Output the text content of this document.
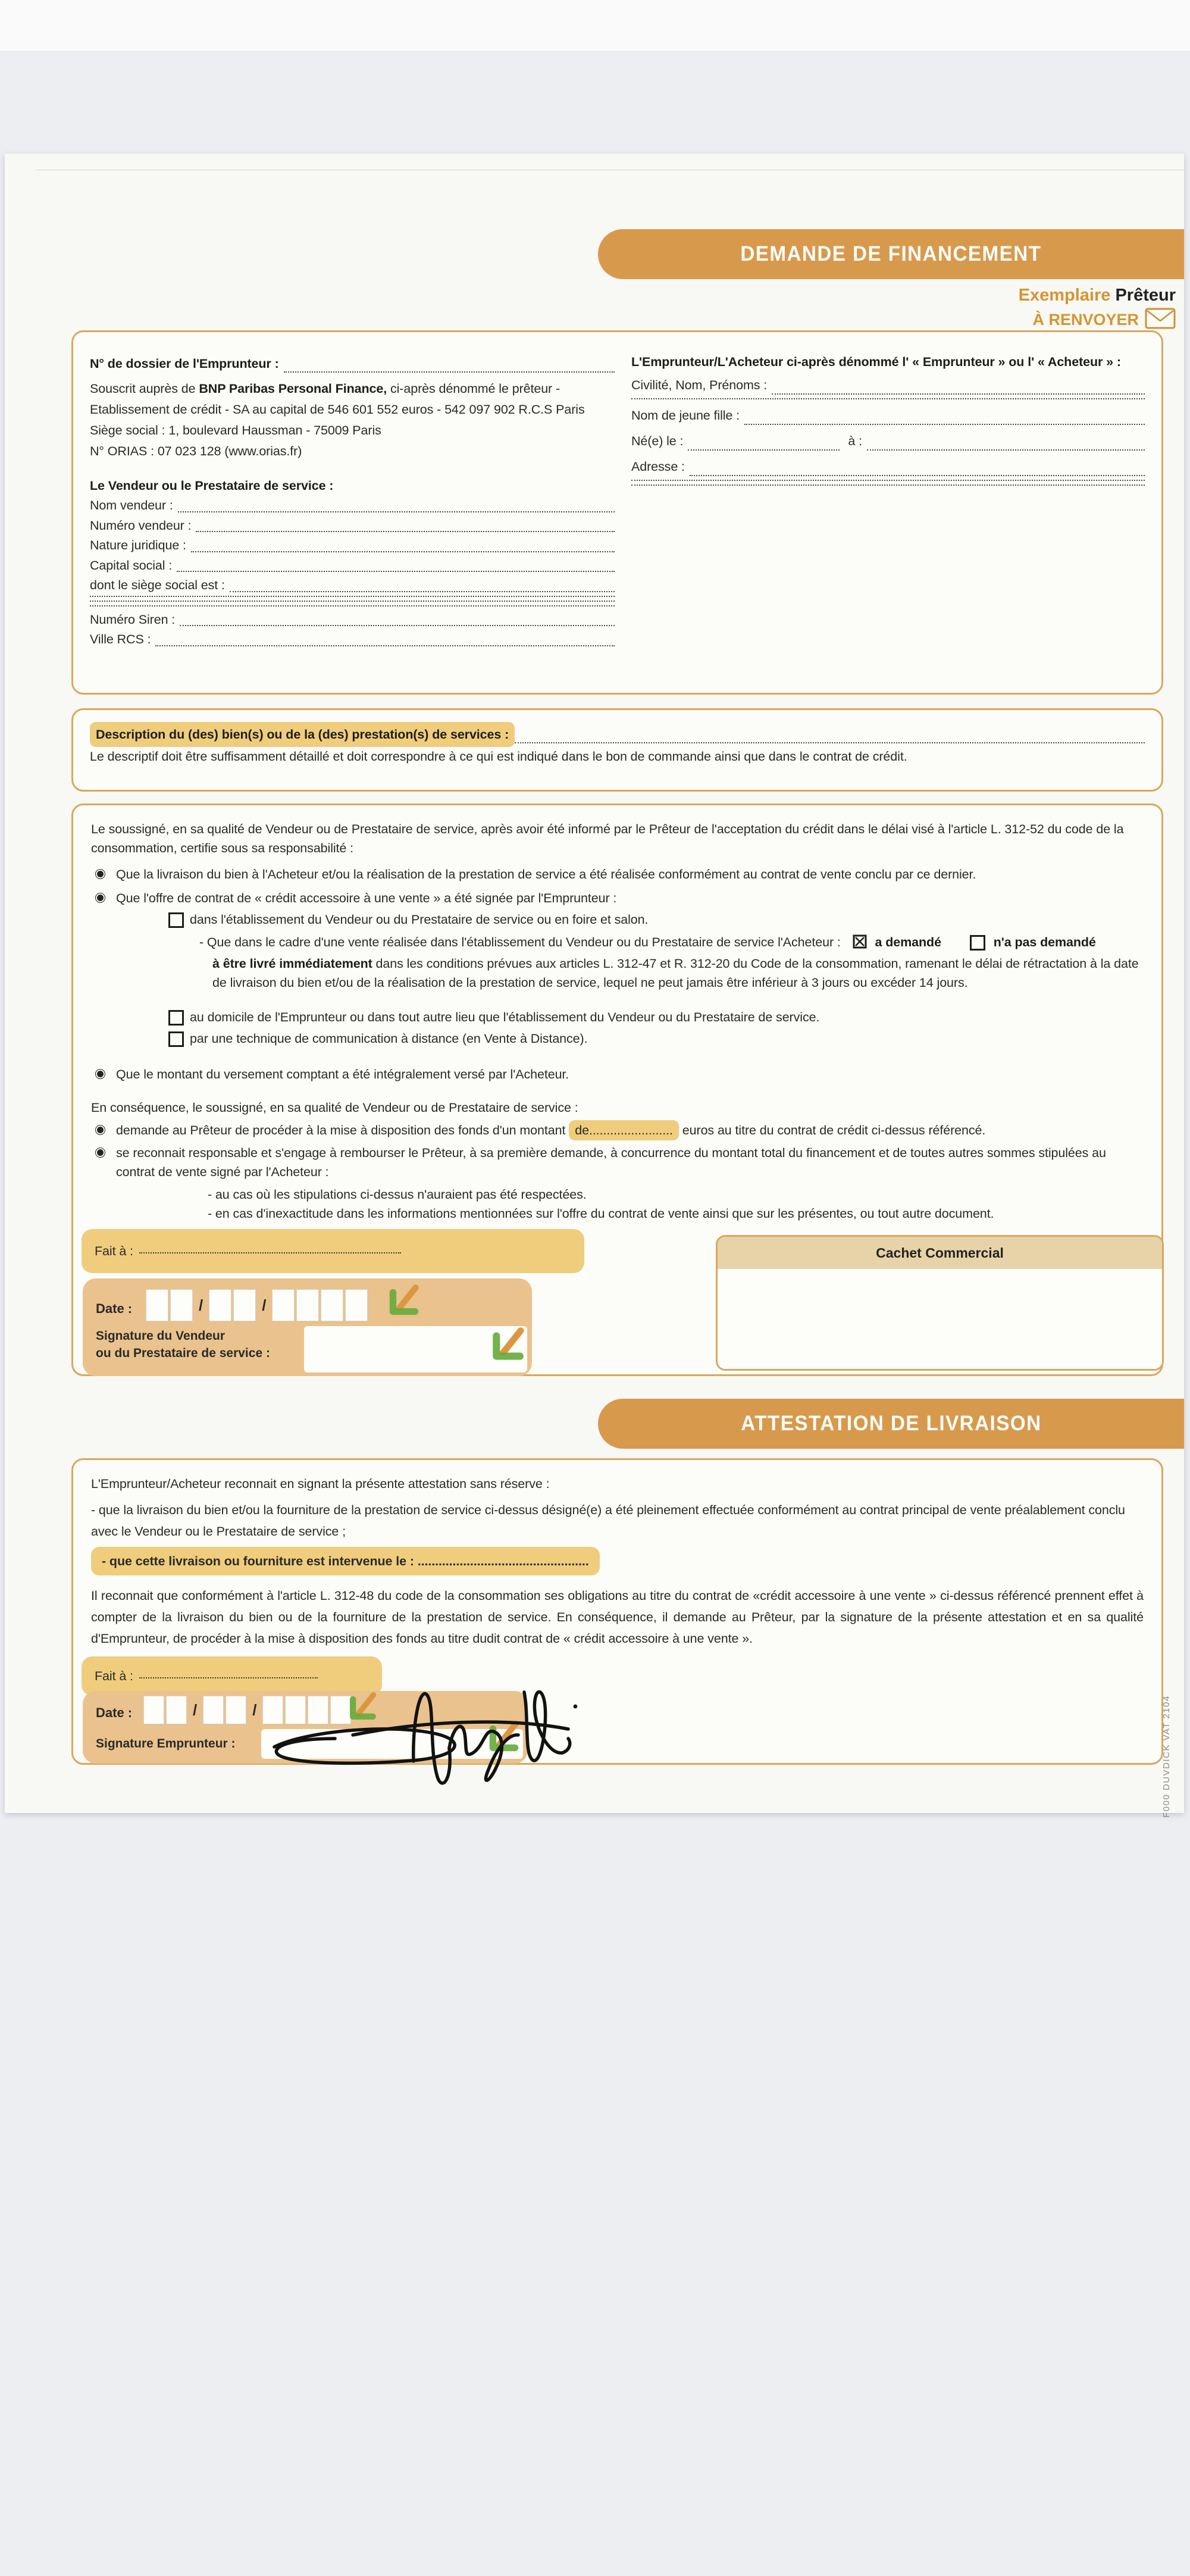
DEMANDE DE FINANCEMENT
Exemplaire Prêteur
À RENVOYER
N° de dossier de l'Emprunteur :

Souscrit auprès de BNP Paribas Personal Finance, ci-après dénommé le prêteur -

Etablissement de crédit - SA au capital de 546 601 552 euros - 542 097 902 R.C.S Paris

Siège social : 1, boulevard Haussman - 75009 Paris

N° ORIAS : 07 023 128 (www.orias.fr)

Le Vendeur ou le Prestataire de service :

Nom vendeur :
Numéro vendeur :
Nature juridique :
Capital social :
dont le siège social est :
Numéro Siren :
Ville RCS :

L'Emprunteur/L'Acheteur ci-après dénommé l' « Emprunteur » ou l' « Acheteur » :

Civilité, Nom, Prénoms :
Nom de jeune fille :
Né(e) le :	à :
Adresse :
Description du (des) bien(s) ou de la (des) prestation(s) de services :

Le descriptif doit être suffisamment détaillé et doit correspondre à ce qui est indiqué dans le bon de commande ainsi que dans le contrat de crédit.

Le soussigné, en sa qualité de Vendeur ou de Prestataire de service, après avoir été informé par le Prêteur de l'acceptation du crédit dans le délai visé à l'article L. 312-52 du code de la consommation, certifie sous sa responsabilité :

Que la livraison du bien à l'Acheteur et/ou la réalisation de la prestation de service a été réalisée conformément au contrat de vente conclu par ce dernier.

Que l'offre de contrat de « crédit accessoire à une vente » a été signée par l'Emprunteur :

dans l'établissement du Vendeur ou du Prestataire de service ou en foire et salon.

- Que dans le cadre d'une vente réalisée dans l'établissement du Vendeur ou du Prestataire de service l'Acheteur :	a demandé	n'a pas demandé

à être livré immédiatement dans les conditions prévues aux articles L. 312-47 et R. 312-20 du Code de la consommation, ramenant le délai de rétractation à la date de livraison du bien et/ou de la réalisation de la prestation de service, lequel ne peut jamais être inférieur à 3 jours ou excéder 14 jours.

au domicile de l'Emprunteur ou dans tout autre lieu que l'établissement du Vendeur ou du Prestataire de service.
par une technique de communication à distance (en Vente à Distance).

Que le montant du versement comptant a été intégralement versé par l'Acheteur.

En conséquence, le soussigné, en sa qualité de Vendeur ou de Prestataire de service :

demande au Prêteur de procéder à la mise à disposition des fonds d'un montant de........................ euros au titre du contrat de crédit ci-dessus référencé.

se reconnait responsable et s'engage à rembourser le Prêteur, à sa première demande, à concurrence du montant total du financement et de toutes autres sommes stipulées au contrat de vente signé par l'Acheteur :

- au cas où les stipulations ci-dessus n'auraient pas été respectées.

- en cas d'inexactitude dans les informations mentionnées sur l'offre du contrat de vente ainsi que sur les présentes, ou tout autre document.

Fait à :	Cachet Commercial
Date :	/	/
Signature du Vendeur
ou du Prestataire de service :
ATTESTATION DE LIVRAISON

L'Emprunteur/Acheteur reconnait en signant la présente attestation sans réserve :

- que la livraison du bien et/ou la fourniture de la prestation de service ci-dessus désigné(e) a été pleinement effectuée conformément au contrat principal de vente préalablement conclu avec le Vendeur ou le Prestataire de service ;

- que cette livraison ou fourniture est intervenue le : .................................................

Il reconnait que conformément à l'article L. 312-48 du code de la consommation ses obligations au titre du contrat de «crédit accessoire à une vente » ci-dessus référencé prennent effet à compter de la livraison du bien ou de la fourniture de la prestation de service. En conséquence, il demande au Prêteur, par la signature de la présente attestation et en sa qualité d'Emprunteur, de procéder à la mise à disposition des fonds au titre dudit contrat de « crédit accessoire à une vente ».

Fait à :
Date :	/	/
Signature Emprunteur :	F000 DUVDICK VAT 2104
